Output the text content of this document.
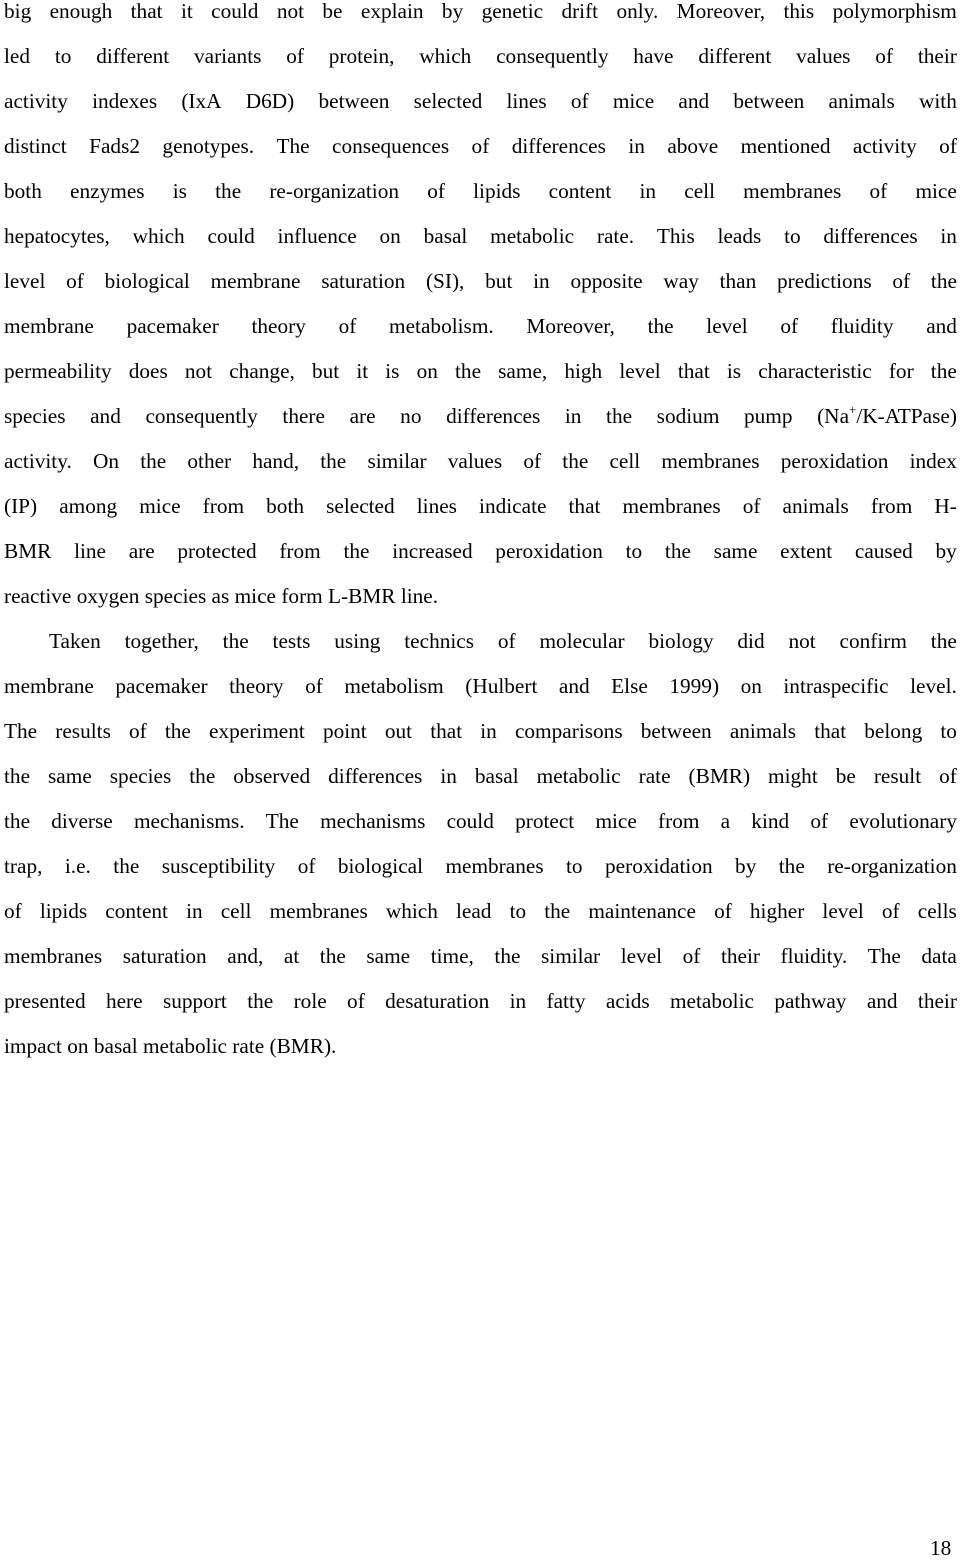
big enough that it could not be explain by genetic drift only. Moreover, this polymorphism
led to different variants of protein, which consequently have different values of their
activity indexes (IxA D6D) between selected lines of mice and between animals with
distinct Fads2 genotypes. The consequences of differences in above mentioned activity of
both enzymes is the re-organization of lipids content in cell membranes of mice
hepatocytes, which could influence on basal metabolic rate. This leads to differences in
level of biological membrane saturation (SI), but in opposite way than predictions of the
membrane pacemaker theory of metabolism. Moreover, the level of fluidity and
permeability does not change, but it is on the same, high level that is characteristic for the
species and consequently there are no differences in the sodium pump (Na+/K-ATPase)
activity. On the other hand, the similar values of the cell membranes peroxidation index
(IP) among mice from both selected lines indicate that membranes of animals from H-
BMR line are protected from the increased peroxidation to the same extent caused by
reactive oxygen species as mice form L-BMR line.
Taken together, the tests using technics of molecular biology did not confirm the
membrane pacemaker theory of metabolism (Hulbert and Else 1999) on intraspecific level.
The results of the experiment point out that in comparisons between animals that belong to
the same species the observed differences in basal metabolic rate (BMR) might be result of
the diverse mechanisms. The mechanisms could protect mice from a kind of evolutionary
trap, i.e. the susceptibility of biological membranes to peroxidation by the re-organization
of lipids content in cell membranes which lead to the maintenance of higher level of cells
membranes saturation and, at the same time, the similar level of their fluidity. The data
presented here support the role of desaturation in fatty acids metabolic pathway and their
impact on basal metabolic rate (BMR).
18
